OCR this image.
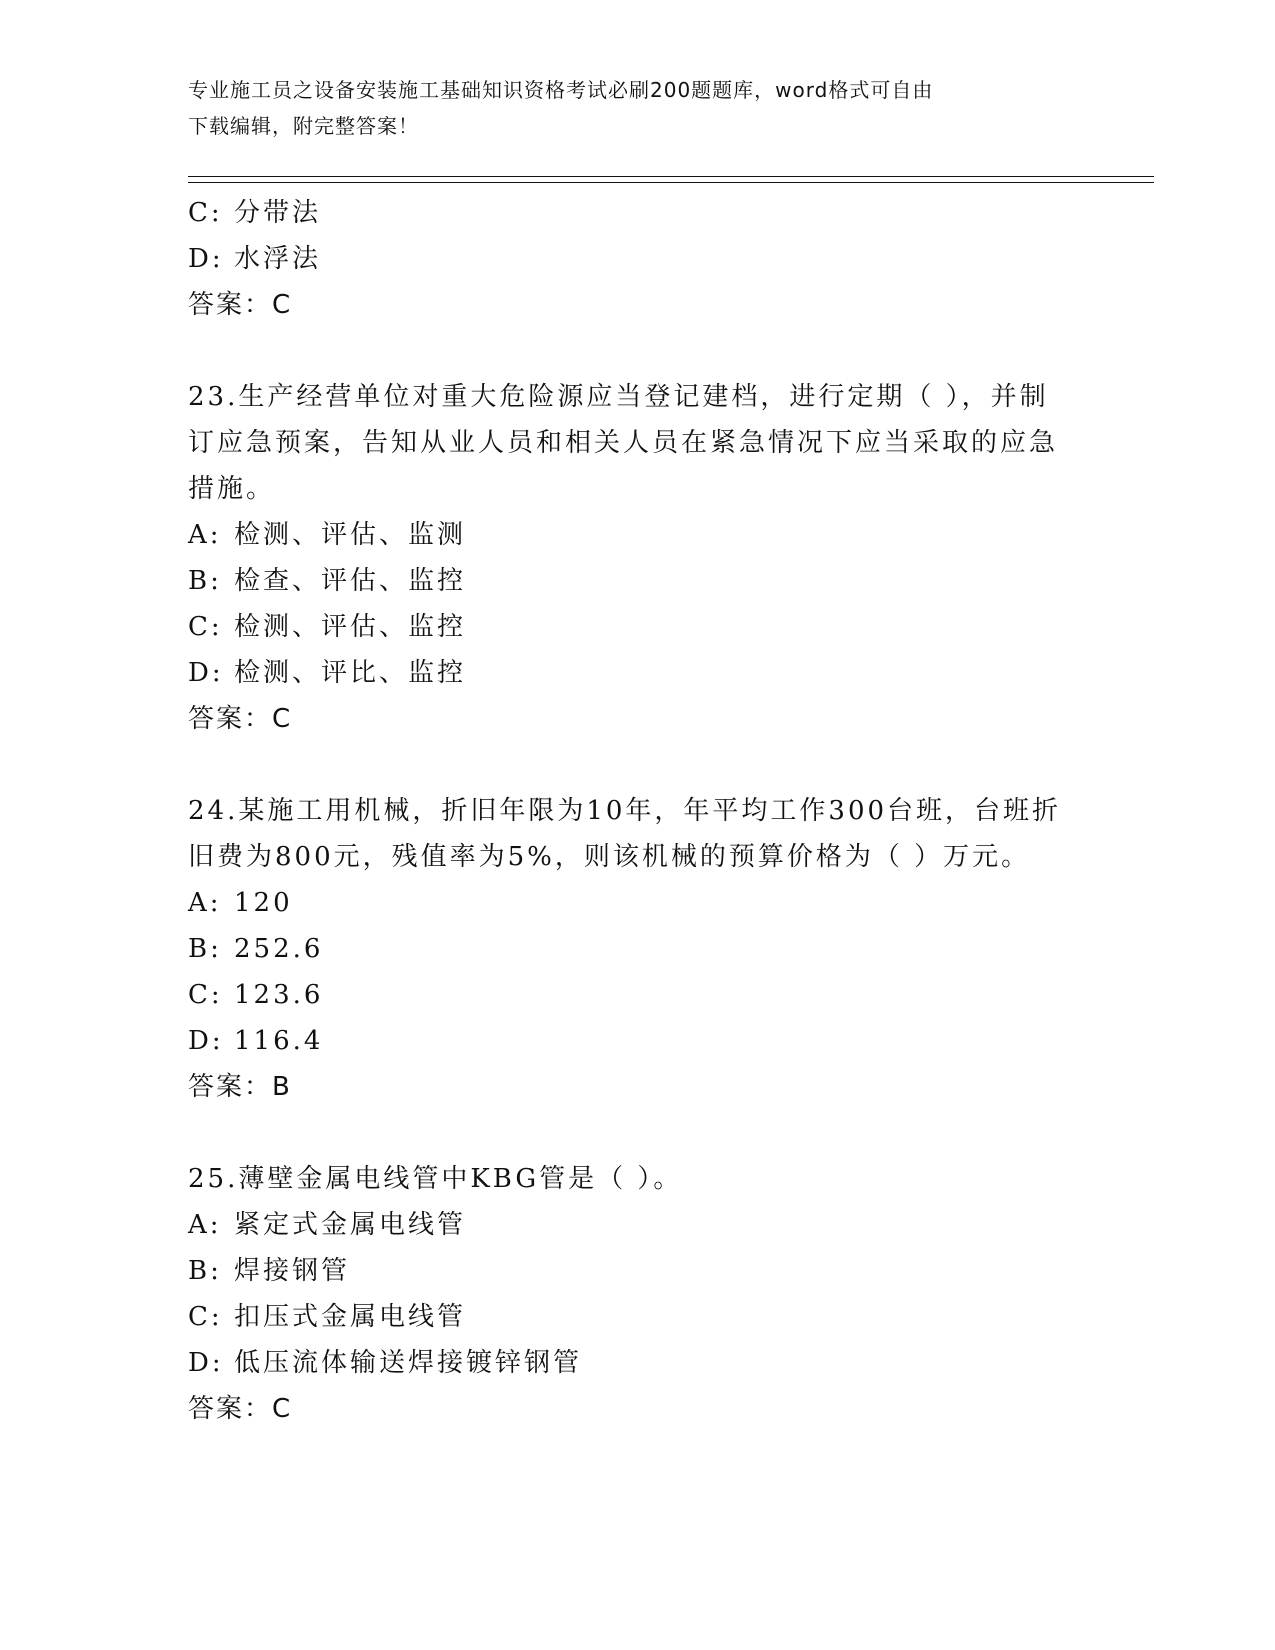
专业施工员之设备安装施工基础知识资格考试必刷200题题库，word格式可自由
下载编辑，附完整答案！
C: 分带法
D: 水浮法
答案：C
23.生产经营单位对重大危险源应当登记建档，进行定期（ ），并制
订应急预案，告知从业人员和相关人员在紧急情况下应当采取的应急
措施。
A: 检测、评估、监测
B: 检查、评估、监控
C: 检测、评估、监控
D: 检测、评比、监控
答案：C
24.某施工用机械，折旧年限为10年，年平均工作300台班，台班折
旧费为800元，残值率为5%，则该机械的预算价格为（ ）万元。
A: 120
B: 252.6
C: 123.6
D: 116.4
答案：B
25.薄壁金属电线管中KBG管是（ ）。
A: 紧定式金属电线管
B: 焊接钢管
C: 扣压式金属电线管
D: 低压流体输送焊接镀锌钢管
答案：C
